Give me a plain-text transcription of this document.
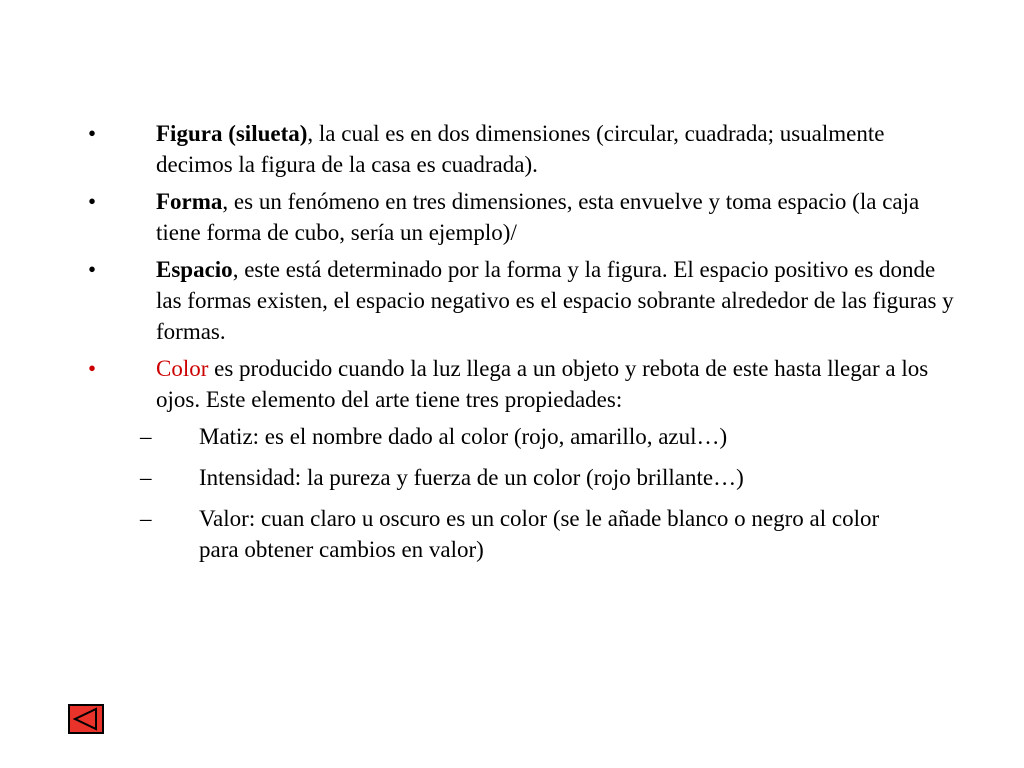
•	Figura (silueta), la cual es en dos dimensiones (circular, cuadrada; usualmente decimos la figura de la casa es cuadrada).
•	Forma, es un fenómeno en tres dimensiones, esta envuelve y toma espacio (la caja tiene forma de cubo, sería un ejemplo)/
•	Espacio, este está determinado por la forma y la figura. El espacio positivo es donde las formas existen, el espacio negativo es el espacio sobrante alrededor de las figuras y formas.
•	Color es producido cuando la luz llega a un objeto y rebota de este hasta llegar a los ojos. Este elemento del arte tiene tres propiedades:
– Matiz: es el nombre dado al color (rojo, amarillo, azul…)
– Intensidad: la pureza y fuerza de un color (rojo brillante…)
– Valor: cuan claro u oscuro es un color (se le añade blanco o negro al color para obtener cambios en valor)
